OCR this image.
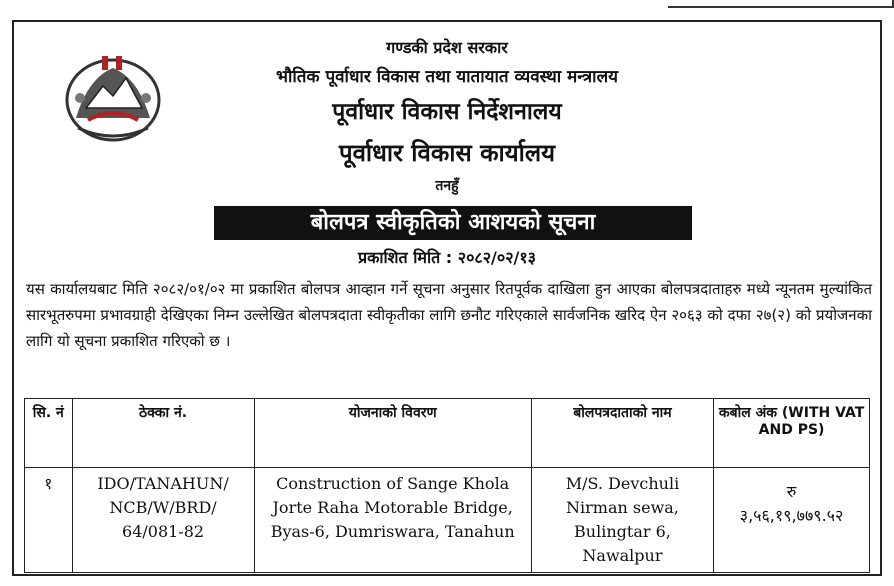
गण्डकी प्रदेश सरकार
भौतिक पूर्वाधार विकास तथा यातायात व्यवस्था मन्त्रालय
पूर्वाधार विकास निर्देशनालय
पूर्वाधार विकास कार्यालय
तनहुँ
बोलपत्र स्वीकृतिको आशयको सूचना
प्रकाशित मिति : २०८२/०२/१३
यस कार्यालयबाट मिति २०८२/०१/०२ मा प्रकाशित बोलपत्र आव्हान गर्ने सूचना अनुसार रितपूर्वक दाखिला हुन आएका बोलपत्रदाताहरु मध्ये न्यूनतम मुल्यांकित सारभूतरुपमा प्रभावग्राही देखिएका निम्न उल्लेखित बोलपत्रदाता स्वीकृतीका लागि छनौट गरिएकाले सार्वजनिक खरिद ऐन २०६३ को दफा २७(२) को प्रयोजनका लागि यो सूचना प्रकाशित गरिएको छ ।
सि. नं	ठेक्का नं.	योजनाको विवरण	बोलपत्रदाताको नाम	कबोल अंक (WITH VAT AND PS)
१	IDO/TANAHUN/ NCB/W/BRD/ 64/081-82	Construction of Sange Khola Jorte Raha Motorable Bridge, Byas-6, Dumriswara, Tanahun	M/S. Devchuli Nirman sewa, Bulingtar 6, Nawalpur	रु
३,५६,१९,७७९.५२
